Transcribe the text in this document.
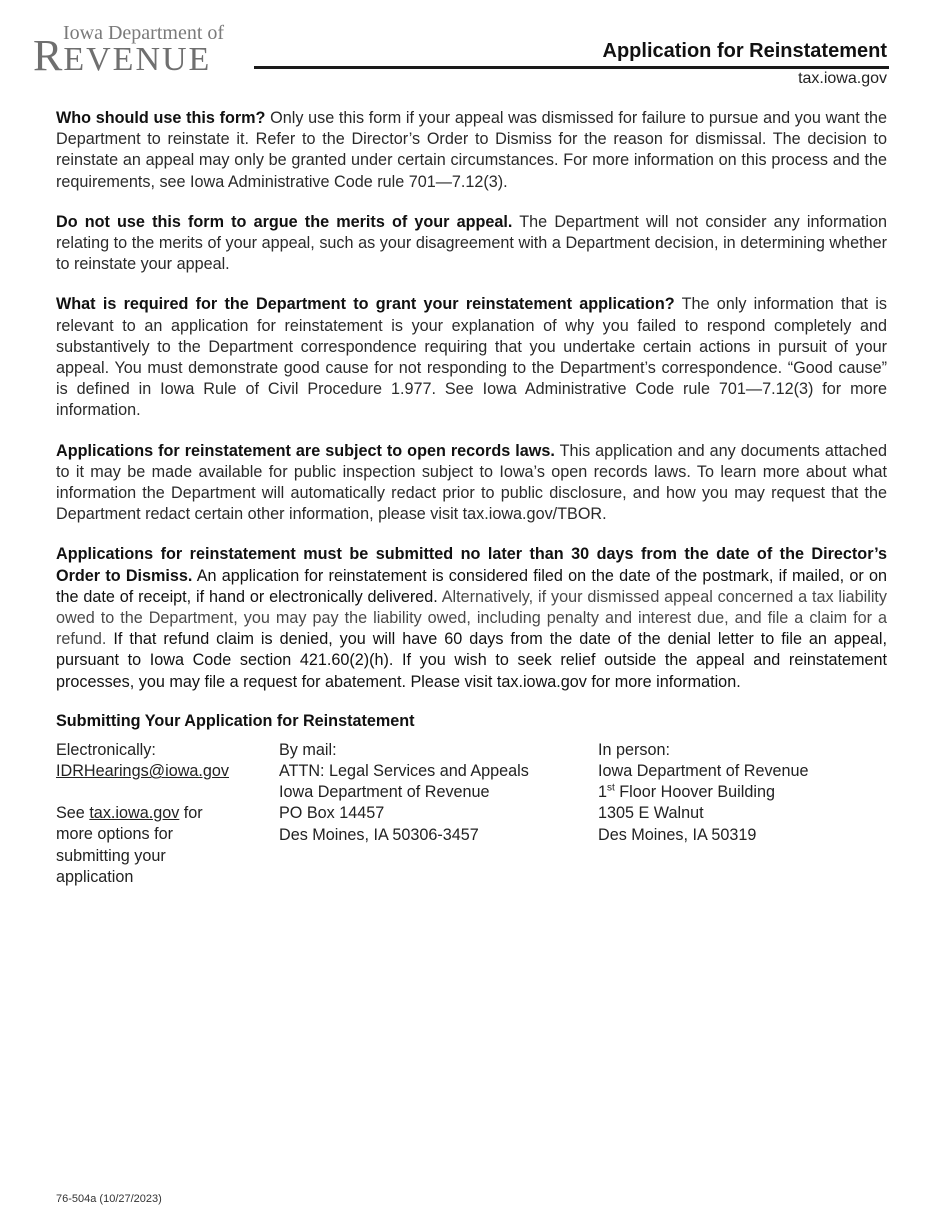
Iowa Department of
REVENUE	Application for Reinstatement
tax.iowa.gov

Who should use this form? Only use this form if your appeal was dismissed for failure to pursue and you want the Department to reinstate it. Refer to the Director’s Order to Dismiss for the reason for dismissal. The decision to reinstate an appeal may only be granted under certain circumstances. For more information on this process and the requirements, see Iowa Administrative Code rule 701—7.12(3).

Do not use this form to argue the merits of your appeal. The Department will not consider any information relating to the merits of your appeal, such as your disagreement with a Department decision, in determining whether to reinstate your appeal.

What is required for the Department to grant your reinstatement application? The only information that is relevant to an application for reinstatement is your explanation of why you failed to respond completely and substantively to the Department correspondence requiring that you undertake certain actions in pursuit of your appeal. You must demonstrate good cause for not responding to the Department’s correspondence. “Good cause” is defined in Iowa Rule of Civil Procedure 1.977. See Iowa Administrative Code rule 701—7.12(3) for more information.

Applications for reinstatement are subject to open records laws. This application and any documents attached to it may be made available for public inspection subject to Iowa’s open records laws. To learn more about what information the Department will automatically redact prior to public disclosure, and how you may request that the Department redact certain other information, please visit tax.iowa.gov/TBOR.

Applications for reinstatement must be submitted no later than 30 days from the date of the Director’s Order to Dismiss. An application for reinstatement is considered filed on the date of the postmark, if mailed, or on the date of receipt, if hand or electronically delivered. Alternatively, if your dismissed appeal concerned a tax liability owed to the Department, you may pay the liability owed, including penalty and interest due, and file a claim for a refund. If that refund claim is denied, you will have 60 days from the date of the denial letter to file an appeal, pursuant to Iowa Code section 421.60(2)(h). If you wish to seek relief outside the appeal and reinstatement processes, you may file a request for abatement. Please visit tax.iowa.gov for more information.

Submitting Your Application for Reinstatement
Electronically:
IDRHearings@iowa.gov
See tax.iowa.gov for
more options for
submitting your
application
By mail:
ATTN: Legal Services and Appeals
Iowa Department of Revenue
PO Box 14457
Des Moines, IA 50306-3457
In person:
Iowa Department of Revenue
1st Floor Hoover Building
1305 E Walnut
Des Moines, IA 50319
76-504a (10/27/2023)
